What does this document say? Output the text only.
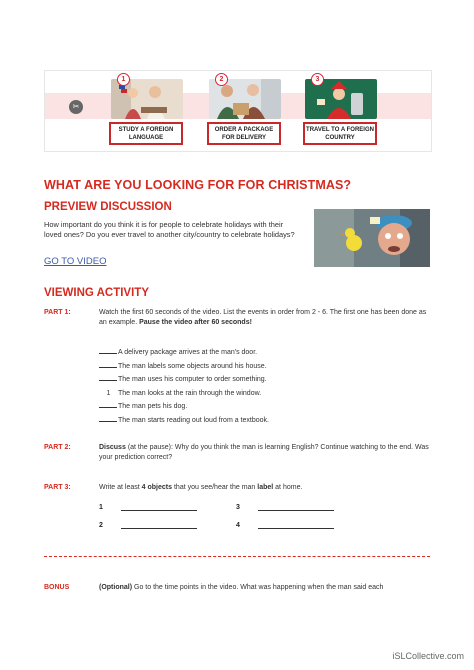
✂
1
STUDY A FOREIGN LANGUAGE
2
ORDER A PACKAGE FOR DELIVERY
3
TRAVEL TO A FOREIGN COUNTRY
WHAT ARE YOU LOOKING FOR FOR CHRISTMAS?
PREVIEW DISCUSSION
How important do you think it is for people to celebrate holidays with their loved ones? Do you ever travel to another city/country to celebrate holidays?
GO TO VIDEO
VIEWING ACTIVITY
PART 1:	Watch the first 60 seconds of the video. List the events in order from 2 - 6. The first one has been done as an example. Pause the video after 60 seconds!
A delivery package arrives at the man's door.
The man labels some objects around his house.
The man uses his computer to order something.
1 The man looks at the rain through the window.
The man pets his dog.
The man starts reading out loud from a textbook.
PART 2:	Discuss (at the pause): Why do you think the man is learning English? Continue watching to the end. Was your prediction correct?
PART 3:	Write at least 4 objects that you see/hear the man label at home.
1	3
2	4
BONUS	(Optional) Go to the time points in the video. What was happening when the man said each
iSLCollective.com
